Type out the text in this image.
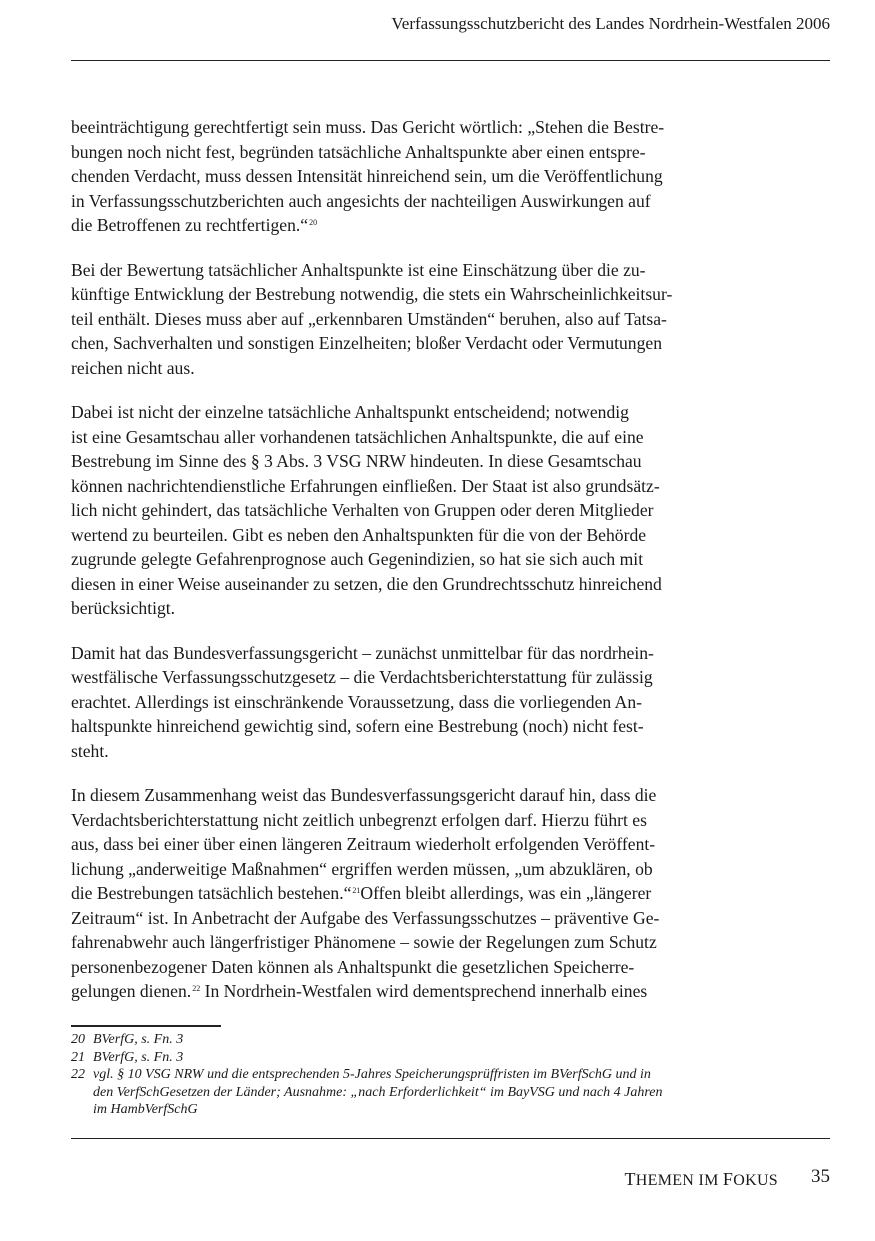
Verfassungsschutzbericht des Landes Nordrhein-Westfalen 2006

beeinträchtigung gerechtfertigt sein muss. Das Gericht wörtlich: „Stehen die Bestre-
bungen noch nicht fest, begründen tatsächliche Anhaltspunkte aber einen entspre-
chenden Verdacht, muss dessen Intensität hinreichend sein, um die Veröffentlichung
in Verfassungsschutzberichten auch angesichts der nachteiligen Auswirkungen auf
die Betroffenen zu rechtfertigen.“$^{20}$

Bei der Bewertung tatsächlicher Anhaltspunkte ist eine Einschätzung über die zu-
künftige Entwicklung der Bestrebung notwendig, die stets ein Wahrscheinlichkeitsur-
teil enthält. Dieses muss aber auf „erkennbaren Umständen“ beruhen, also auf Tatsa-
chen, Sachverhalten und sonstigen Einzelheiten; bloßer Verdacht oder Vermutungen
reichen nicht aus.

Dabei ist nicht der einzelne tatsächliche Anhaltspunkt entscheidend; notwendig
ist eine Gesamtschau aller vorhandenen tatsächlichen Anhaltspunkte, die auf eine
Bestrebung im Sinne des § 3 Abs. 3 VSG NRW hindeuten. In diese Gesamtschau
können nachrichtendienstliche Erfahrungen einfließen. Der Staat ist also grundsätz-
lich nicht gehindert, das tatsächliche Verhalten von Gruppen oder deren Mitglieder
wertend zu beurteilen. Gibt es neben den Anhaltspunkten für die von der Behörde
zugrunde gelegte Gefahrenprognose auch Gegenindizien, so hat sie sich auch mit
diesen in einer Weise auseinander zu setzen, die den Grundrechtsschutz hinreichend
berücksichtigt.

Damit hat das Bundesverfassungsgericht – zunächst unmittelbar für das nordrhein-
westfälische Verfassungsschutzgesetz – die Verdachtsberichterstattung für zulässig
erachtet. Allerdings ist einschränkende Voraussetzung, dass die vorliegenden An-
haltspunkte hinreichend gewichtig sind, sofern eine Bestrebung (noch) nicht fest-
steht.

In diesem Zusammenhang weist das Bundesverfassungsgericht darauf hin, dass die
Verdachtsberichterstattung nicht zeitlich unbegrenzt erfolgen darf. Hierzu führt es
aus, dass bei einer über einen längeren Zeitraum wiederholt erfolgenden Veröffent-
lichung „anderweitige Maßnahmen“ ergriffen werden müssen, „um abzuklären, ob
die Bestrebungen tatsächlich bestehen.“$^{21}$Offen bleibt allerdings, was ein „längerer
Zeitraum“ ist. In Anbetracht der Aufgabe des Verfassungsschutzes – präventive Ge-
fahrenabwehr auch längerfristiger Phänomene – sowie der Regelungen zum Schutz
personenbezogener Daten können als Anhaltspunkt die gesetzlichen Speicherre-
gelungen dienen.$^{22}$ In Nordrhein-Westfalen wird dementsprechend innerhalb eines

20 BVerfG, s. Fn. 3
21 BVerfG, s. Fn. 3
22 vgl. § 10 VSG NRW und die entsprechenden 5-Jahres Speicherungsprüffristen im BVerfSchG und in
den VerfSchGesetzen der Länder; Ausnahme: „nach Erforderlichkeit“ im BayVSG und nach 4 Jahren
im HambVerfSchG
THEMEN IM FOKUS 35
